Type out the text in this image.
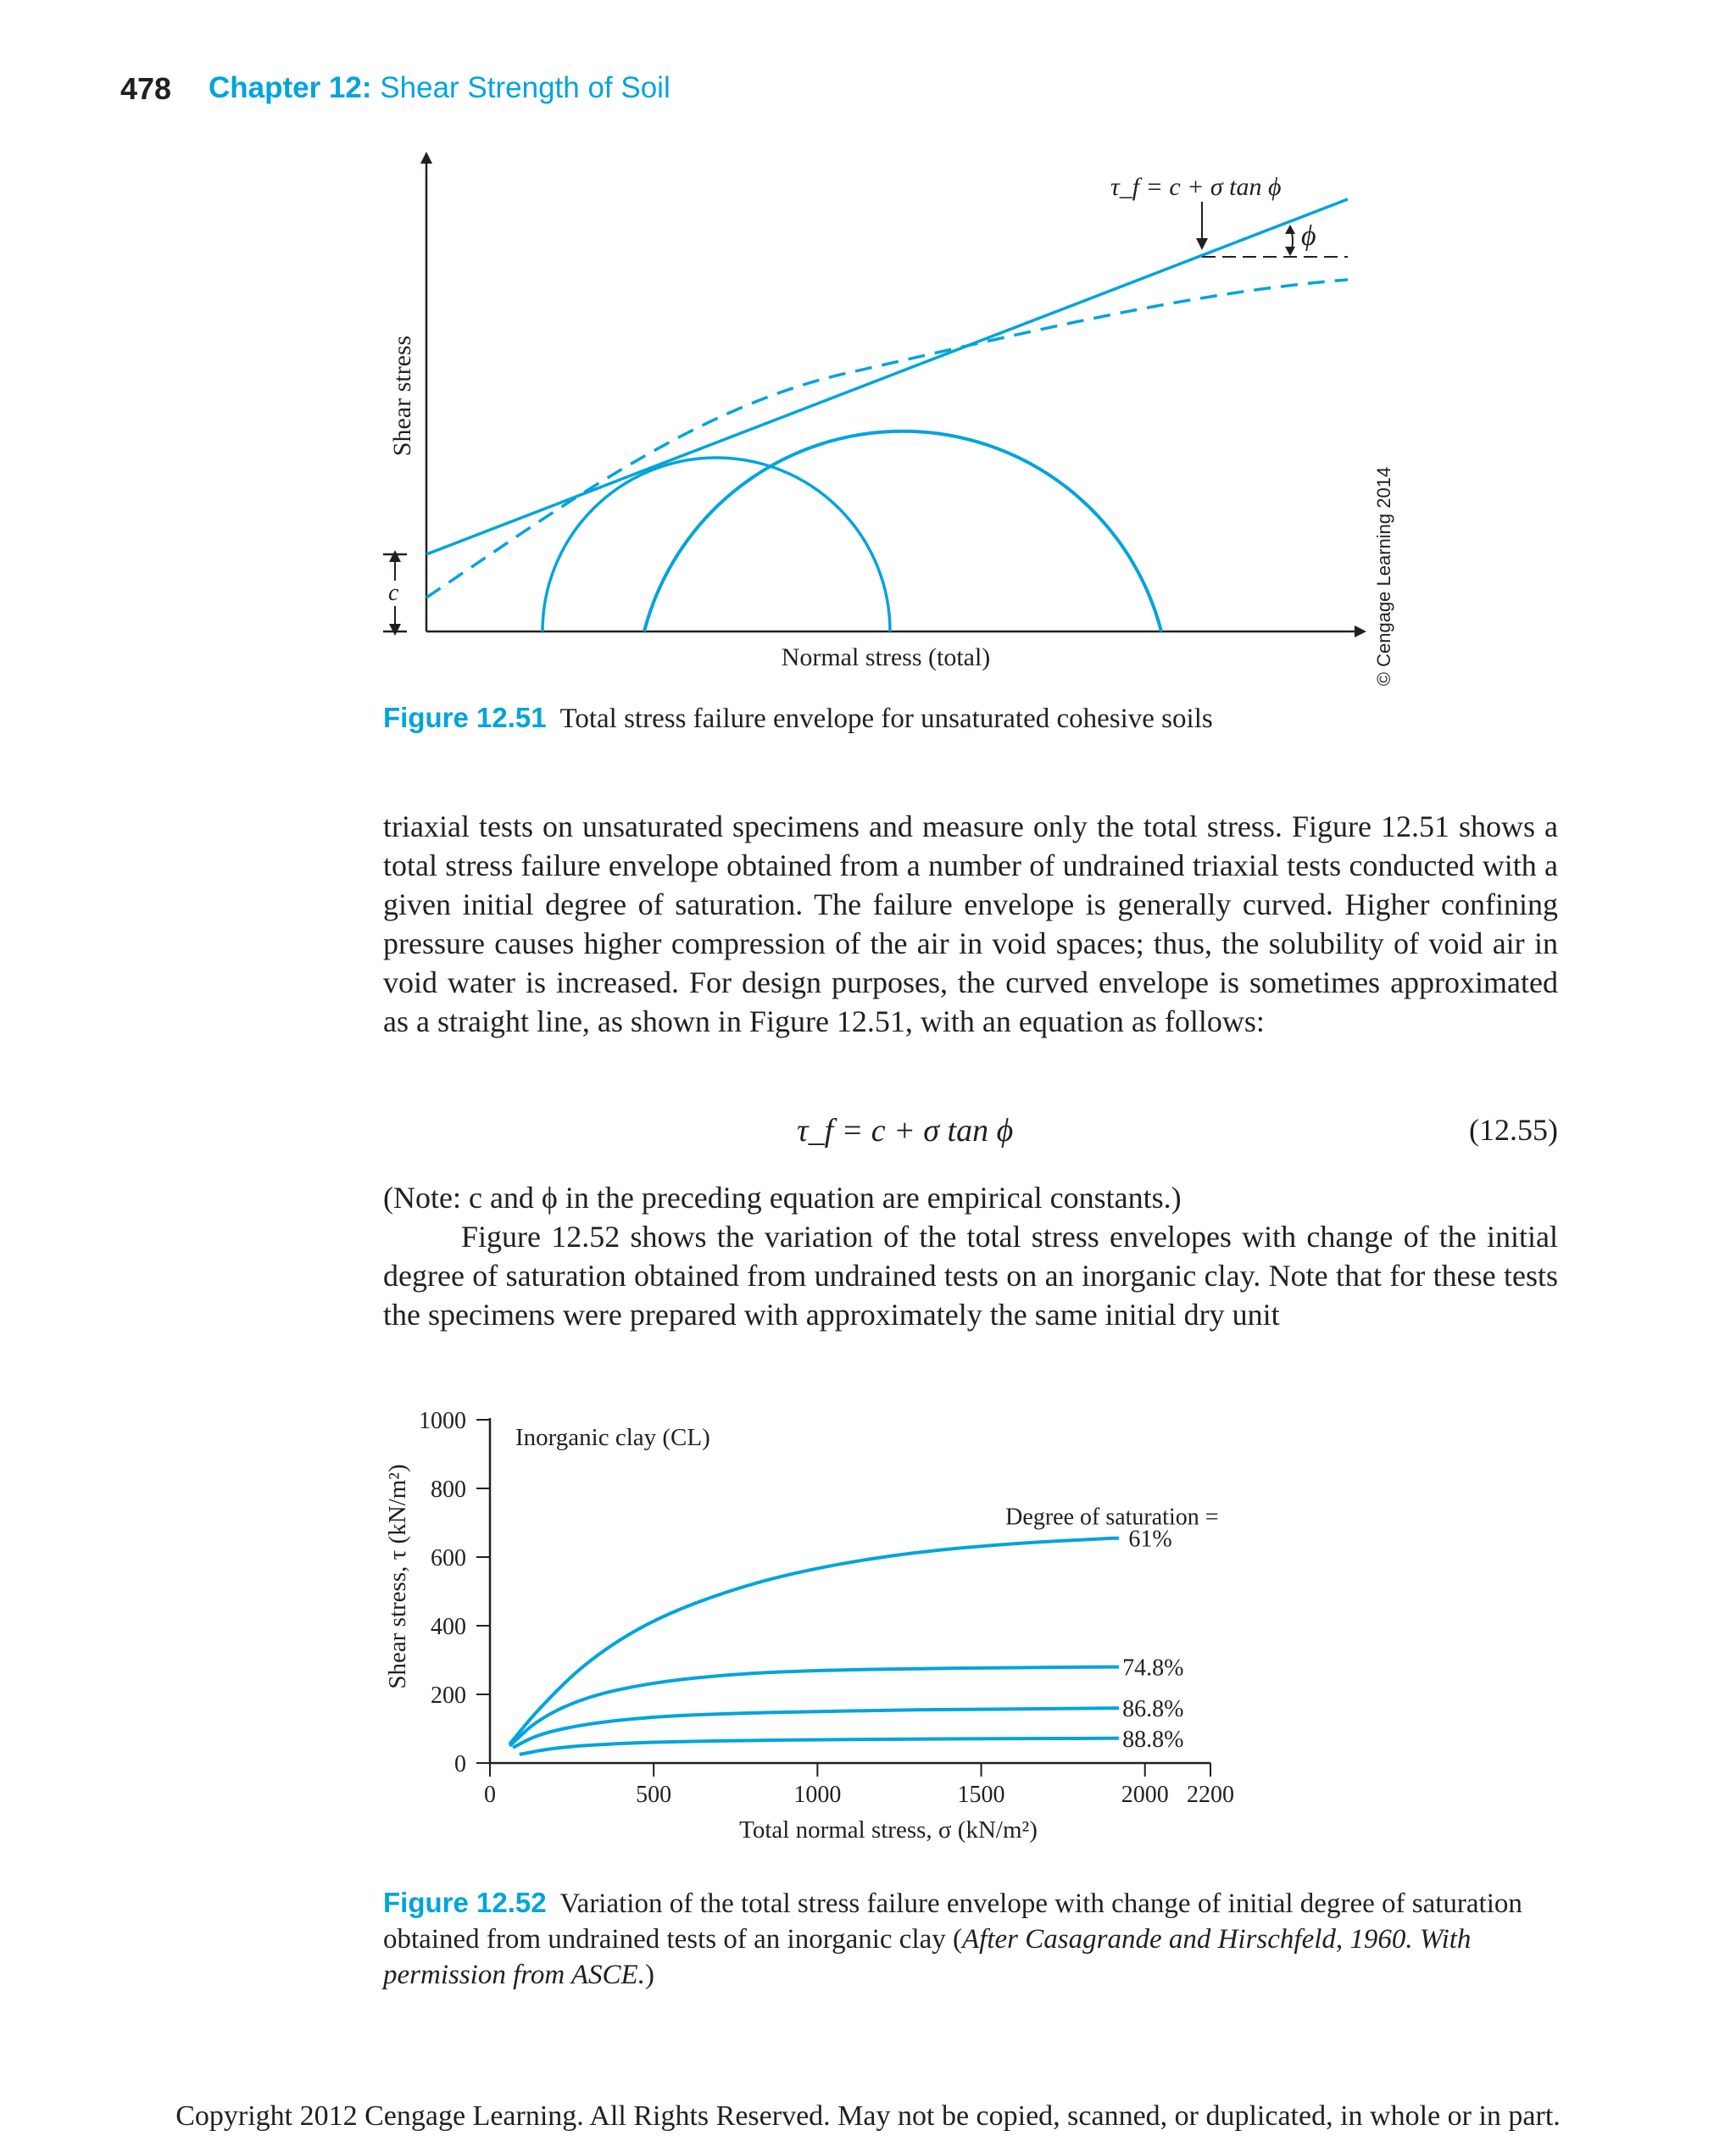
478 Chapter 12: Shear Strength of Soil
ϕ
τ_f = c + σ tan ϕ
c
Shear stress
Normal stress (total)	© Cengage Learning 2014
Figure 12.51 Total stress failure envelope for unsaturated cohesive soils
triaxial tests on unsaturated specimens and measure only the total stress. Figure 12.51 shows a total stress failure envelope obtained from a number of undrained triaxial tests conducted with a given initial degree of saturation. The failure envelope is generally curved. Higher confining pressure causes higher compression of the air in void spaces; thus, the solubility of void air in void water is increased. For design purposes, the curved envelope is sometimes approximated as a straight line, as shown in Figure 12.51, with an equation as follows:
τ_f = c + σ tan ϕ	(12.55)
(Note: c and ϕ in the preceding equation are empirical constants.)
Figure 12.52 shows the variation of the total stress envelopes with change of the initial degree of saturation obtained from undrained tests on an inorganic clay. Note that for these tests the specimens were prepared with approximately the same initial dry unit
0
200
400
600
800
1000
0	500	1000	1500	2000 2200
Total normal stress, σ (kN/m²)
Shear stress, τ (kN/m²)
Inorganic clay (CL)
Degree of saturation =
61%
74.8%
86.8%
88.8%
Figure 12.52 Variation of the total stress failure envelope with change of initial degree of saturation obtained from undrained tests of an inorganic clay (After Casagrande and Hirschfeld, 1960. With permission from ASCE.)
Copyright 2012 Cengage Learning. All Rights Reserved. May not be copied, scanned, or duplicated, in whole or in part.
